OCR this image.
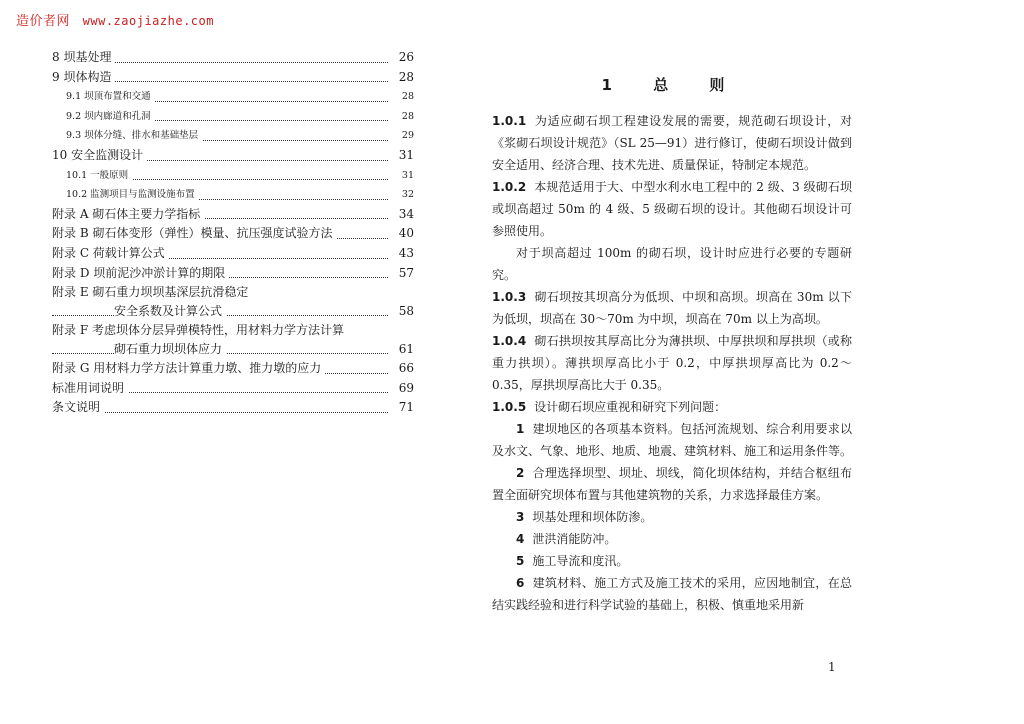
造价者网 www.zaojiazhe.com
8 坝基处理	26
9 坝体构造	28
9.1 坝顶布置和交通	28
9.2 坝内廊道和孔洞	28
9.3 坝体分缝、排水和基础垫层	29
10 安全监测设计	31
10.1 一般原则	31
10.2 监测项目与监测设施布置	32
附录 A 砌石体主要力学指标	34
附录 B 砌石体变形（弹性）模量、抗压强度试验方法	40
附录 C 荷载计算公式	43
附录 D 坝前泥沙冲淤计算的期限	57
附录 E 砌石重力坝坝基深层抗滑稳定
安全系数及计算公式	58
附录 F 考虑坝体分层异弹模特性，用材料力学方法计算
砌石重力坝坝体应力	61
附录 G 用材料力学方法计算重力墩、推力墩的应力	66
标准用词说明	69
条文说明	71
1 总 则

1.0.1 为适应砌石坝工程建设发展的需要，规范砌石坝设计，对《浆砌石坝设计规范》（SL 25—91）进行修订，使砌石坝设计做到安全适用、经济合理、技术先进、质量保证，特制定本规范。

1.0.2 本规范适用于大、中型水利水电工程中的 2 级、3 级砌石坝或坝高超过 50m 的 4 级、5 级砌石坝的设计。其他砌石坝设计可参照使用。

对于坝高超过 100m 的砌石坝，设计时应进行必要的专题研究。

1.0.3 砌石坝按其坝高分为低坝、中坝和高坝。坝高在 30m 以下为低坝，坝高在 30～70m 为中坝，坝高在 70m 以上为高坝。

1.0.4 砌石拱坝按其厚高比分为薄拱坝、中厚拱坝和厚拱坝（或称重力拱坝）。薄拱坝厚高比小于 0.2，中厚拱坝厚高比为 0.2～0.35，厚拱坝厚高比大于 0.35。

1.0.5 设计砌石坝应重视和研究下列问题：

1 建坝地区的各项基本资料。包括河流规划、综合利用要求以及水文、气象、地形、地质、地震、建筑材料、施工和运用条件等。

2 合理选择坝型、坝址、坝线，简化坝体结构，并结合枢纽布置全面研究坝体布置与其他建筑物的关系，力求选择最佳方案。

3 坝基处理和坝体防渗。

4 泄洪消能防冲。

5 施工导流和度汛。

6 建筑材料、施工方式及施工技术的采用，应因地制宜，在总结实践经验和进行科学试验的基础上，积极、慎重地采用新

1
